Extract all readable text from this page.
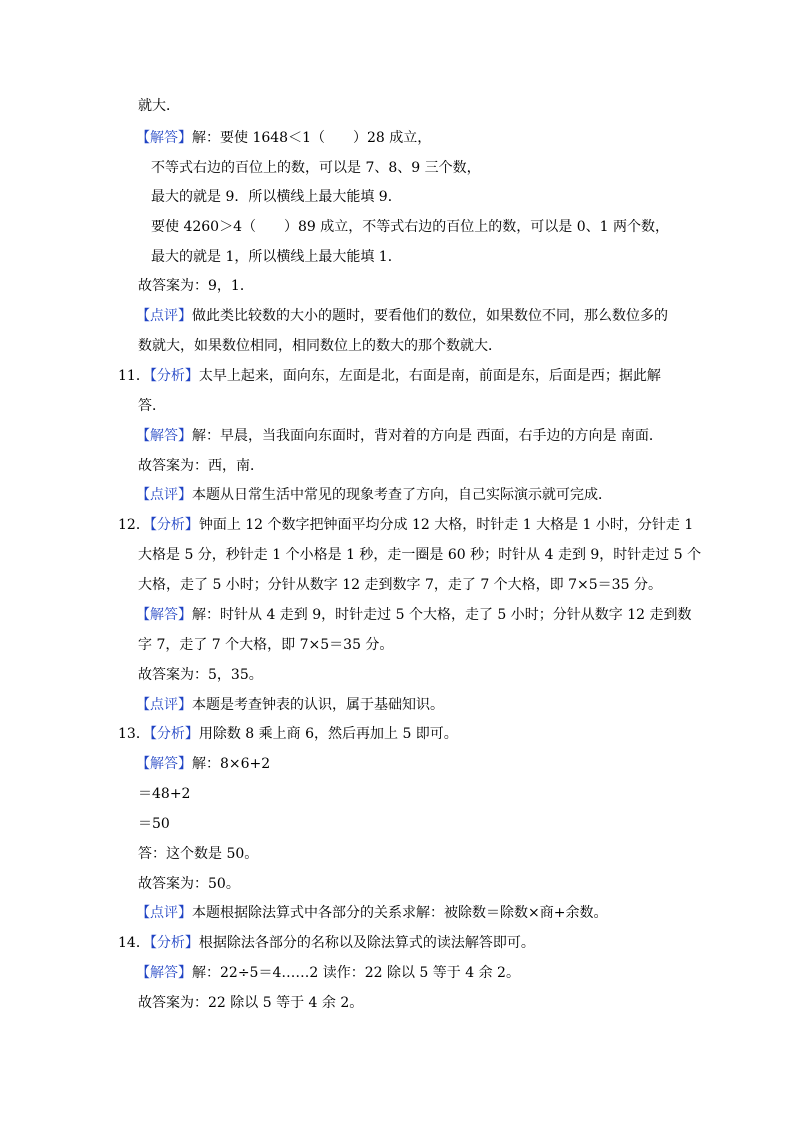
就大．
【解答】解：要使 1648＜1（　　）28 成立，
不等式右边的百位上的数，可以是 7、8、9 三个数，
最大的就是 9．所以横线上最大能填 9．
要使 4260＞4（　　）89 成立，不等式右边的百位上的数，可以是 0、1 两个数，
最大的就是 1，所以横线上最大能填 1．
故答案为：9，1．
【点评】做此类比较数的大小的题时，要看他们的数位，如果数位不同，那么数位多的
数就大，如果数位相同，相同数位上的数大的那个数就大．
11．【分析】太早上起来，面向东，左面是北，右面是南，前面是东，后面是西；据此解
答．
【解答】解：早晨，当我面向东面时，背对着的方向是 西面，右手边的方向是 南面．
故答案为：西，南．
【点评】本题从日常生活中常见的现象考查了方向，自己实际演示就可完成．
12．【分析】钟面上 12 个数字把钟面平均分成 12 大格，时针走 1 大格是 1 小时，分针走 1
大格是 5 分，秒针走 1 个小格是 1 秒，走一圈是 60 秒；时针从 4 走到 9，时针走过 5 个
大格，走了 5 小时；分针从数字 12 走到数字 7，走了 7 个大格，即 7×5＝35 分。
【解答】解：时针从 4 走到 9，时针走过 5 个大格，走了 5 小时；分针从数字 12 走到数
字 7，走了 7 个大格，即 7×5＝35 分。
故答案为：5，35。
【点评】本题是考查钟表的认识，属于基础知识。
13．【分析】用除数 8 乘上商 6，然后再加上 5 即可。
【解答】解：8×6+2
＝48+2
＝50
答：这个数是 50。
故答案为：50。
【点评】本题根据除法算式中各部分的关系求解：被除数＝除数×商+余数。
14．【分析】根据除法各部分的名称以及除法算式的读法解答即可。
【解答】解：22÷5＝4……2 读作：22 除以 5 等于 4 余 2。
故答案为：22 除以 5 等于 4 余 2。
